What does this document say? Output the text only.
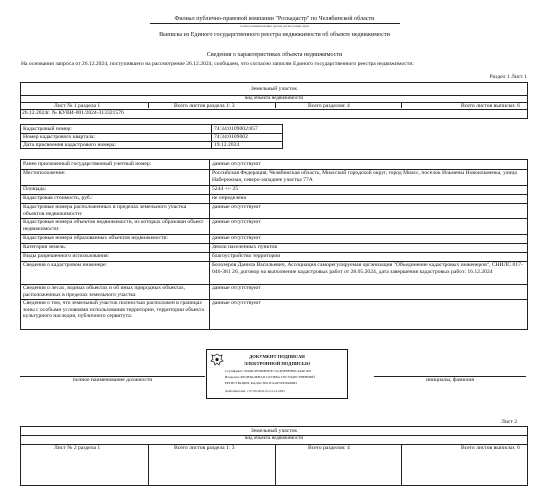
Филиал публично-правовой компании "Роскадастр" по Челябинской области
полное наименование органа регистрации прав
Выписка из Единого государственного реестра недвижимости об объекте недвижимости
Сведения о характеристиках объекта недвижимости
На основании запроса от 26.12.2024, поступившего на рассмотрение 26.12.2024, сообщаем, что согласно записям Единого государственного реестра недвижимости:
Раздел 1 Лист 1
Земельный участок
вид объекта недвижимости
Лист № 1 раздела 1	Всего листов раздела 1: 3	Всего разделов: 4	Всего листов выписки: 6
26.12.2024г. № КУВИ-001/2024-313321576
Кадастровый номер:	74:34:0109002:857
Номер кадастрового квартала:	74:34:0109002
Дата присвоения кадастрового номера:	19.12.2024
Ранее присвоенный государственный учетный номер:	данные отсутствуют
Местоположение:	Российская Федерация, Челябинская область, Миасский городской округ, город Миасс, поселок Ильмены Новоильменка, улица Набережная, северо-западнее участка 77А
Площадь:	5244 +/- 25
Кадастровая стоимость, руб.:	не определена
Кадастровые номера расположенных в пределах земельного участка объектов недвижимости:
данные отсутствуют
Кадастровые номера объектов недвижимости, из которых образован объект недвижимости:
данные отсутствуют
Кадастровые номера образованных объектов недвижимости:	данные отсутствуют
Категория земель:	Земли населенных пунктов
Виды разрешенного использования:	благоустройство территории
Сведения о кадастровом инженере:	Белозеров Данила Васильевич, Ассоциация саморегулируемая организация "Объединение кадастровых инженеров", СНИЛС 017-046-381 26, договор на выполнение кадастровых работ от 28.05.2024, дата завершения кадастровых работ: 16.12.2024
Сведения о лесах, водных объектах и об иных природных объектах, расположенных в пределах земельного участка
данные отсутствуют
Сведения о том, что земельный участок полностью расположен в границах зоны с особыми условиями использования территории, территории объекта культурного наследия, публичного сервитута:
данные отсутствуют
полное наименование должности
ДОКУМЕНТ ПОДПИСАН
ЭЛЕКТРОННОЙ ПОДПИСЬЮ
Сертификат: 00ABC4F9D0B2E3C7A1D5E8F2B6C4A9E1D3
Владелец: ФЕДЕРАЛЬНАЯ СЛУЖБА ГОСУДАРСТВЕННОЙ
РЕГИСТРАЦИИ, КАДАСТРА И КАРТОГРАФИИ
Действителен: с 07.09.2024 по 01.12.2025
инициалы, фамилия
Лист 2
Земельный участок
вид объекта недвижимости
Лист № 2 раздела 1	Всего листов раздела 1: 3	Всего разделов: 4	Всего листов выписки: 6
